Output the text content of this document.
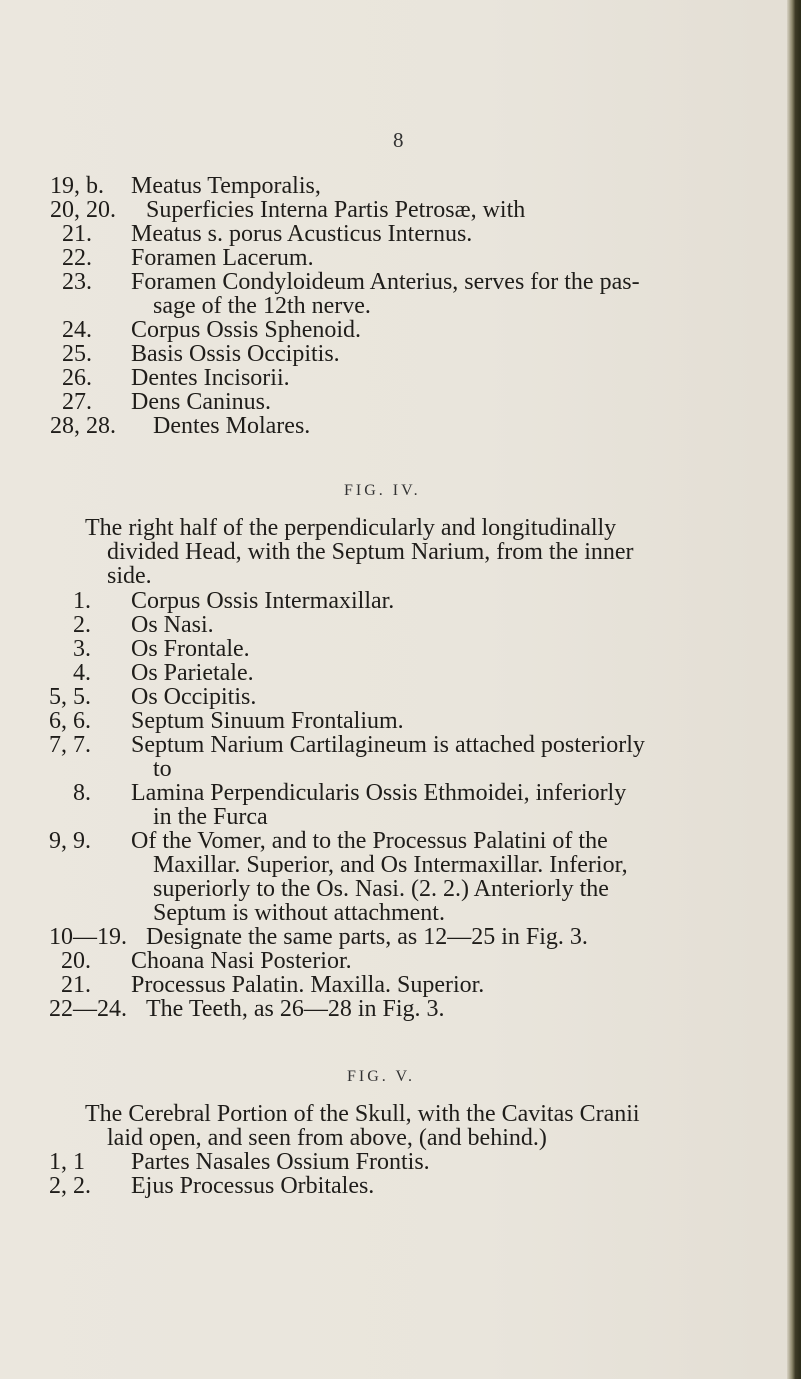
8
19, b. Meatus Temporalis,
20, 20. Superficies Interna Partis Petrosæ, with
21. Meatus s. porus Acusticus Internus.
22. Foramen Lacerum.
23. Foramen Condyloideum Anterius, serves for the pas-
sage of the 12th nerve.
24. Corpus Ossis Sphenoid.
25. Basis Ossis Occipitis.
26. Dentes Incisorii.
27. Dens Caninus.
28, 28. Dentes Molares.
FIG. IV.
The right half of the perpendicularly and longitudinally
divided Head, with the Septum Narium, from the inner
side.
1. Corpus Ossis Intermaxillar.
2. Os Nasi.
3. Os Frontale.
4. Os Parietale.
5, 5. Os Occipitis.
6, 6. Septum Sinuum Frontalium.
7, 7. Septum Narium Cartilagineum is attached posteriorly
to
8. Lamina Perpendicularis Ossis Ethmoidei, inferiorly
in the Furca
9, 9. Of the Vomer, and to the Processus Palatini of the
Maxillar. Superior, and Os Intermaxillar. Inferior,
superiorly to the Os. Nasi. (2. 2.) Anteriorly the
Septum is without attachment.
10—19. Designate the same parts, as 12—25 in Fig. 3.
20. Choana Nasi Posterior.
21. Processus Palatin. Maxilla. Superior.
22—24. The Teeth, as 26—28 in Fig. 3.
FIG. V.
The Cerebral Portion of the Skull, with the Cavitas Cranii
laid open, and seen from above, (and behind.)
1, 1 Partes Nasales Ossium Frontis.
2, 2. Ejus Processus Orbitales.
